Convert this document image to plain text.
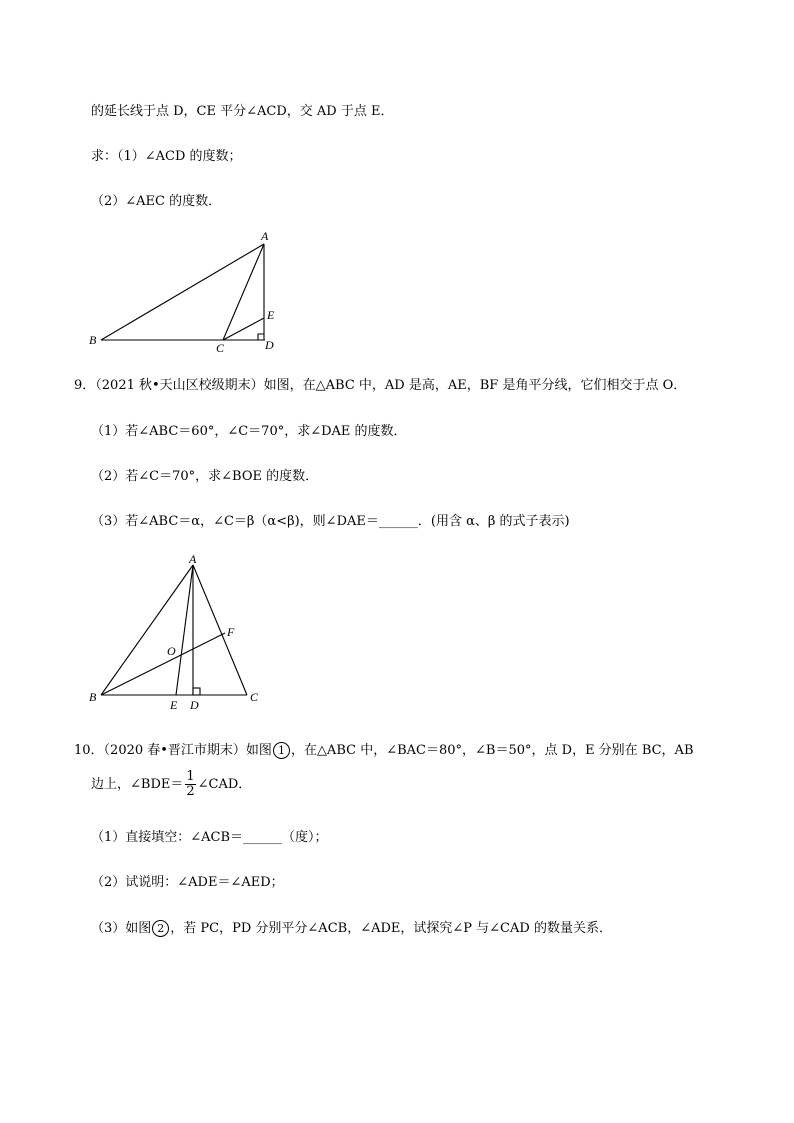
的延长线于点 D，CE 平分∠ACD，交 AD 于点 E．
求：（1）∠ACD 的度数；
（2）∠AEC 的度数．
A
B
C	D
E
9．（2021 秋•天山区校级期末）如图，在△ABC 中，AD 是高，AE，BF 是角平分线，它们相交于点 O．
（1）若∠ABC＝60°，∠C＝70°，求∠DAE 的度数．
（2）若∠C＝70°，求∠BOE 的度数．
（3）若∠ABC＝α，∠C＝β（α<β)，则∠DAE＝______．(用含 α、β 的式子表示)
A
B	C
D
E
F
O
10．（2020 春•晋江市期末）如图 1 ，在△ABC 中，∠BAC＝80°，∠B＝50°，点 D，E 分别在 BC，AB
边上，∠BDE＝ $\frac{1}{2}$ ∠CAD．
（1）直接填空：∠ACB＝______（度）；
（2）试说明：∠ADE＝∠AED；
（3）如图 2 ，若 PC，PD 分别平分∠ACB，∠ADE，试探究∠P 与∠CAD 的数量关系．
